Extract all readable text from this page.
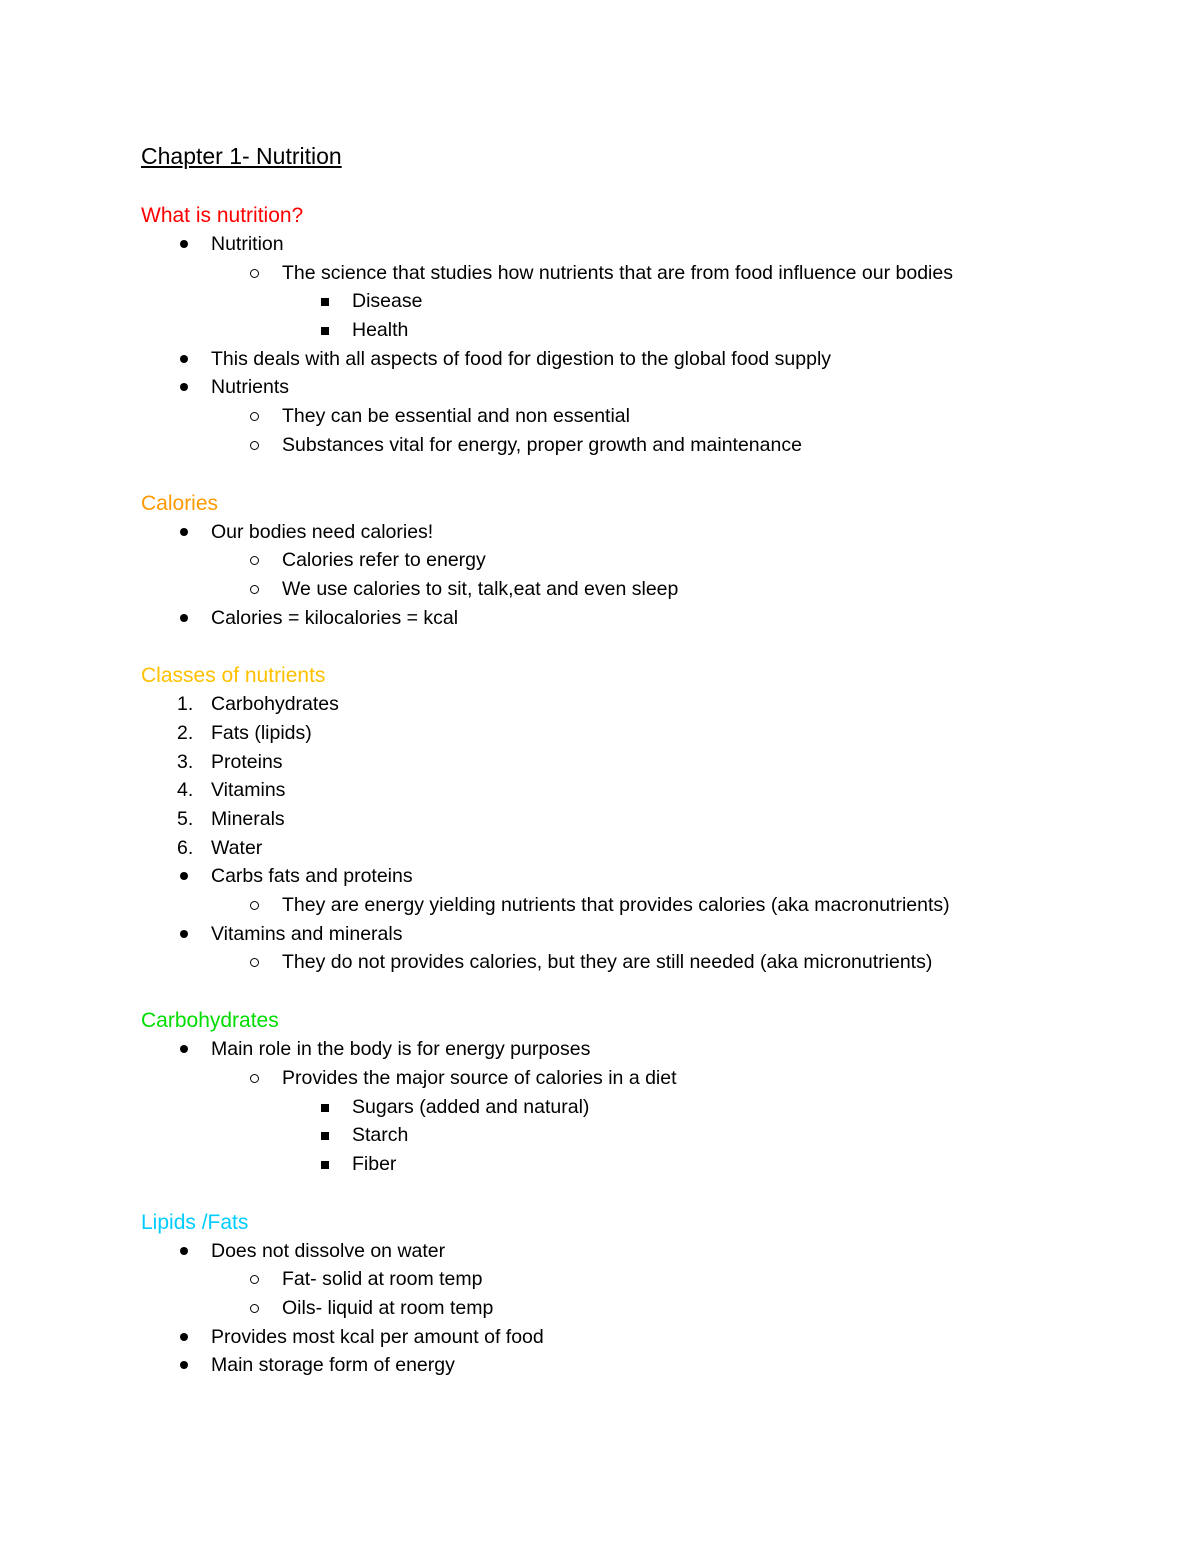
Chapter 1- Nutrition
What is nutrition?
Nutrition
The science that studies how nutrients that are from food influence our bodies
Disease
Health
This deals with all aspects of food for digestion to the global food supply
Nutrients
They can be essential and non essential
Substances vital for energy, proper growth and maintenance
Calories
Our bodies need calories!
Calories refer to energy
We use calories to sit, talk,eat and even sleep
Calories = kilocalories = kcal
Classes of nutrients
1. Carbohydrates
2. Fats (lipids)
3. Proteins
4. Vitamins
5. Minerals
6. Water
Carbs fats and proteins
They are energy yielding nutrients that provides calories (aka macronutrients)
Vitamins and minerals
They do not provides calories, but they are still needed (aka micronutrients)
Carbohydrates
Main role in the body is for energy purposes
Provides the major source of calories in a diet
Sugars (added and natural)
Starch
Fiber
Lipids /Fats
Does not dissolve on water
Fat- solid at room temp
Oils- liquid at room temp
Provides most kcal per amount of food
Main storage form of energy
